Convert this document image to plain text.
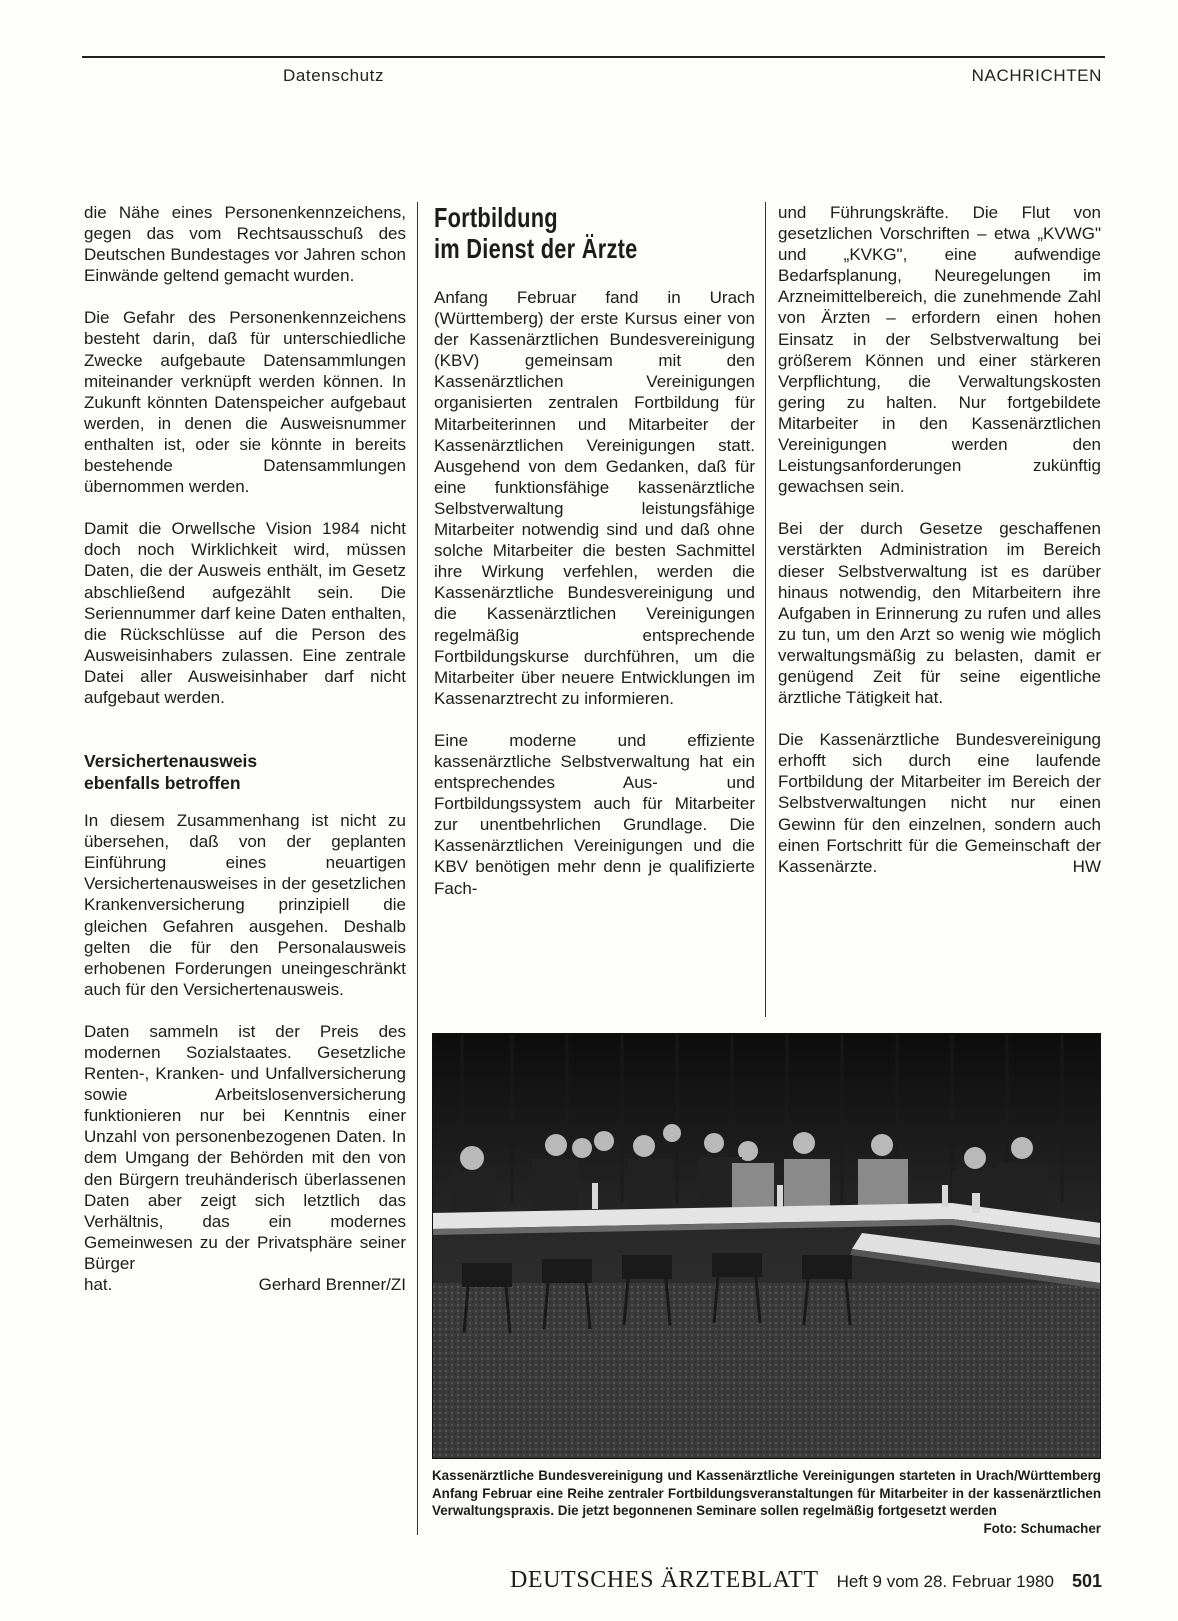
Datenschutz	NACHRICHTEN

die Nähe eines Personenkennzeichens, gegen das vom Rechtsausschuß des Deutschen Bundestages vor Jahren schon Einwände geltend gemacht wurden.

Die Gefahr des Personenkennzeichens besteht darin, daß für unterschiedliche Zwecke aufgebaute Datensammlungen miteinander verknüpft werden können. In Zukunft könnten Datenspeicher aufgebaut werden, in denen die Ausweisnummer enthalten ist, oder sie könnte in bereits bestehende Datensammlungen übernommen werden.

Damit die Orwellsche Vision 1984 nicht doch noch Wirklichkeit wird, müssen Daten, die der Ausweis enthält, im Gesetz abschließend aufgezählt sein. Die Seriennummer darf keine Daten enthalten, die Rückschlüsse auf die Person des Ausweisinhabers zulassen. Eine zentrale Datei aller Ausweisinhaber darf nicht aufgebaut werden.

Versichertenausweis
ebenfalls betroffen

In diesem Zusammenhang ist nicht zu übersehen, daß von der geplanten Einführung eines neuartigen Versichertenausweises in der gesetzlichen Krankenversicherung prinzipiell die gleichen Gefahren ausgehen. Deshalb gelten die für den Personalausweis erhobenen Forderungen uneingeschränkt auch für den Versichertenausweis.

Daten sammeln ist der Preis des modernen Sozialstaates. Gesetzliche Renten-, Kranken- und Unfallversicherung sowie Arbeitslosenversicherung funktionieren nur bei Kenntnis einer Unzahl von personenbezogenen Daten. In dem Umgang der Behörden mit den von den Bürgern treuhänderisch überlassenen Daten aber zeigt sich letztlich das Verhältnis, das ein modernes Gemeinwesen zu der Privatsphäre seiner Bürger

hat.	Gerhard Brenner/ZI
Fortbildung
im Dienst der Ärzte

Anfang Februar fand in Urach (Württemberg) der erste Kursus einer von der Kassenärztlichen Bundesvereinigung (KBV) gemeinsam mit den Kassenärztlichen Vereinigungen organisierten zentralen Fortbildung für Mitarbeiterinnen und Mitarbeiter der Kassenärztlichen Vereinigungen statt. Ausgehend von dem Gedanken, daß für eine funktionsfähige kassenärztliche Selbstverwaltung leistungsfähige Mitarbeiter notwendig sind und daß ohne solche Mitarbeiter die besten Sachmittel ihre Wirkung verfehlen, werden die Kassenärztliche Bundesvereinigung und die Kassenärztlichen Vereinigungen regelmäßig entsprechende Fortbildungskurse durchführen, um die Mitarbeiter über neuere Entwicklungen im Kassenarztrecht zu informieren.

Eine moderne und effiziente kassenärztliche Selbstverwaltung hat ein entsprechendes Aus- und Fortbildungssystem auch für Mitarbeiter zur unentbehrlichen Grundlage. Die Kassenärztlichen Vereinigungen und die KBV benötigen mehr denn je qualifizierte Fach-

und Führungskräfte. Die Flut von gesetzlichen Vorschriften – etwa „KVWG" und „KVKG", eine aufwendige Bedarfsplanung, Neuregelungen im Arzneimittelbereich, die zunehmende Zahl von Ärzten – erfordern einen hohen Einsatz in der Selbstverwaltung bei größerem Können und einer stärkeren Verpflichtung, die Verwaltungskosten gering zu halten. Nur fortgebildete Mitarbeiter in den Kassenärztlichen Vereinigungen werden den Leistungsanforderungen zukünftig gewachsen sein.

Bei der durch Gesetze geschaffenen verstärkten Administration im Bereich dieser Selbstverwaltung ist es darüber hinaus notwendig, den Mitarbeitern ihre Aufgaben in Erinnerung zu rufen und alles zu tun, um den Arzt so wenig wie möglich verwaltungsmäßig zu belasten, damit er genügend Zeit für seine eigentliche ärztliche Tätigkeit hat.

Die Kassenärztliche Bundesvereinigung erhofft sich durch eine laufende Fortbildung der Mitarbeiter im Bereich der Selbstverwaltungen nicht nur einen Gewinn für den einzelnen, sondern auch einen Fortschritt für die Gemeinschaft der Kassenärzte.	HW

Kassenärztliche Bundesvereinigung und Kassenärztliche Vereinigungen starteten in Urach/Württemberg Anfang Februar eine Reihe zentraler Fortbildungsveranstaltungen für Mitarbeiter in der kassenärztlichen Verwaltungspraxis. Die jetzt begonnenen Seminare sollen regelmäßig fortgesetzt werden
Foto: Schumacher
DEUTSCHES ÄRZTEBLATT Heft 9 vom 28. Februar 1980 501
